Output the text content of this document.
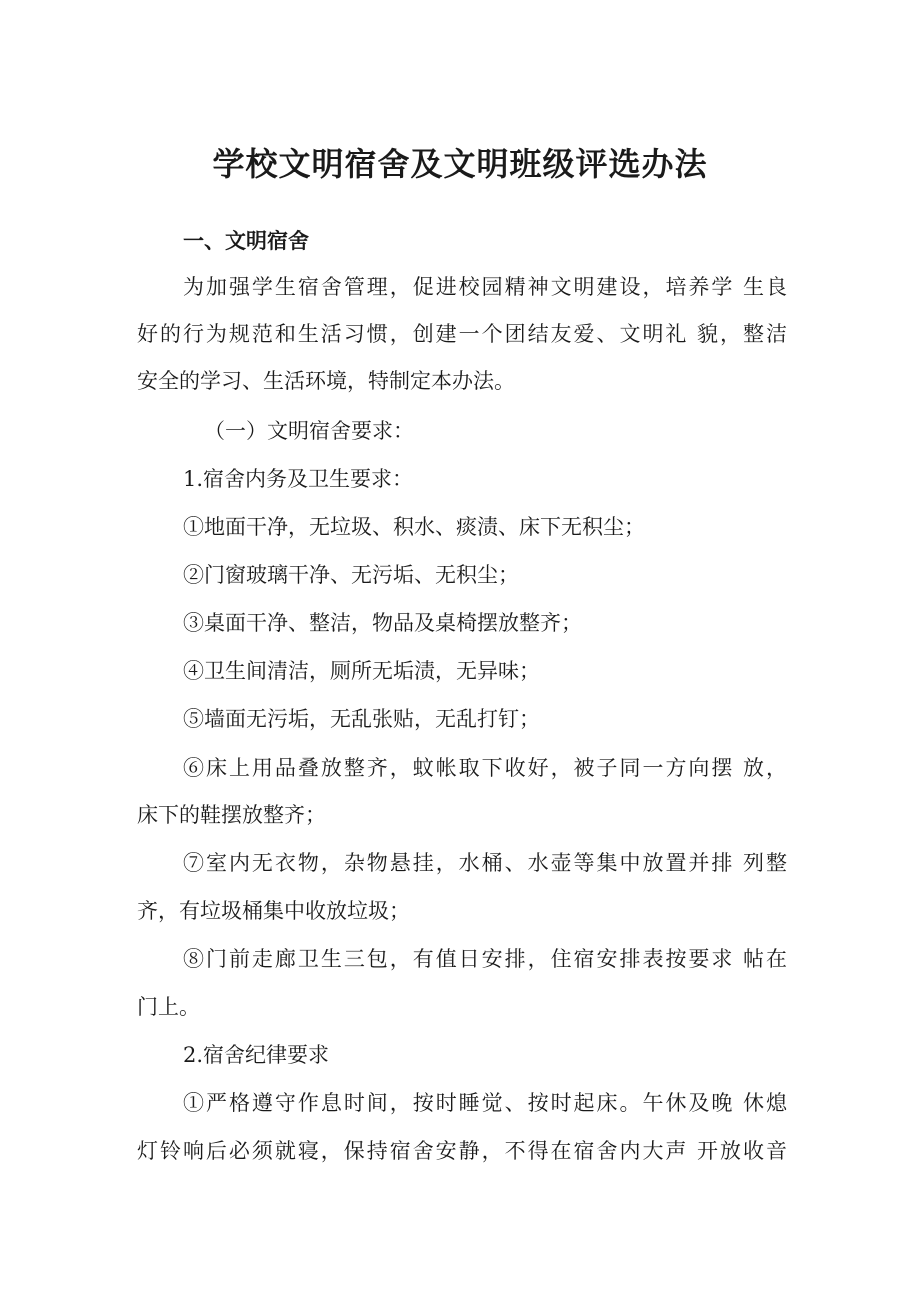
学校文明宿舍及文明班级评选办法

一、文明宿舍

为加强学生宿舍管理，促进校园精神文明建设，培养学 生良

好的行为规范和生活习惯，创建一个团结友爱、文明礼 貌，整洁

安全的学习、生活环境，特制定本办法。

（一）文明宿舍要求：

1.宿舍内务及卫生要求：

①地面干净，无垃圾、积水、痰渍、床下无积尘；

②门窗玻璃干净、无污垢、无积尘；

③桌面干净、整洁，物品及桌椅摆放整齐；

④卫生间清洁，厕所无垢渍，无异味；

⑤墙面无污垢，无乱张贴，无乱打钉；

⑥床上用品叠放整齐，蚊帐取下收好，被子同一方向摆 放，

床下的鞋摆放整齐；

⑦室内无衣物，杂物悬挂，水桶、水壶等集中放置并排 列整

齐，有垃圾桶集中收放垃圾；

⑧门前走廊卫生三包，有值日安排，住宿安排表按要求 帖在

门上。

2.宿舍纪律要求

①严格遵守作息时间，按时睡觉、按时起床。午休及晚 休熄

灯铃响后必须就寝，保持宿舍安静，不得在宿舍内大声 开放收音
